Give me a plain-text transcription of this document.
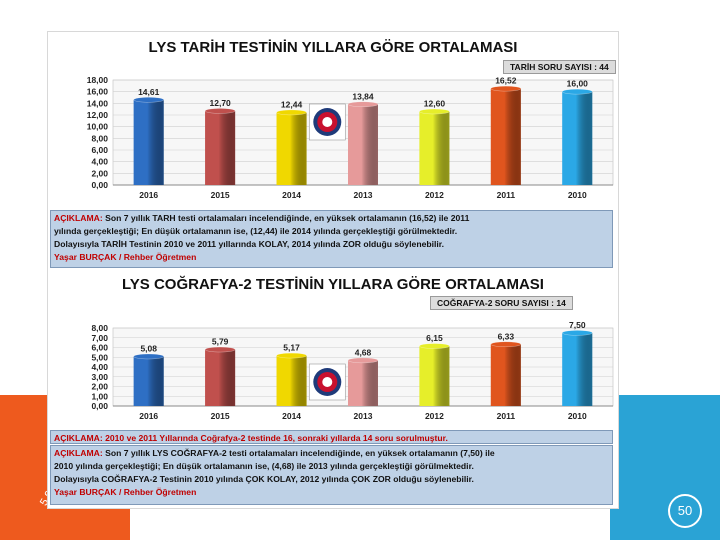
50
LYS TARİH TESTİNİN YILLARA GÖRE ORTALAMASI
TARİH SORU SAYISI : 44
0,00
2,00
4,00
6,00
8,00
10,00
12,00
14,00
16,00
18,00
14,61
2016
12,70
2015
12,44
2014
13,84
2013
12,60
2012
16,52
2011
16,00
2010
AÇIKLAMA: Son 7 yıllık TARH testi ortalamaları incelendiğinde, en yüksek ortalamanın (16,52) ile 2011
yılında gerçekleştiği; En düşük ortalamanın ise, (12,44) ile 2014 yılında gerçekleştiği görülmektedir.
Dolayısıyla TARİH Testinin 2010 ve 2011 yıllarında KOLAY, 2014 yılında ZOR olduğu söylenebilir.
Yaşar BURÇAK / Rehber Öğretmen
LYS COĞRAFYA-2 TESTİNİN YILLARA GÖRE ORTALAMASI
COĞRAFYA-2 SORU SAYISI : 14
0,00
1,00
2,00
3,00
4,00
5,00
6,00
7,00
8,00
5,08
2016
5,79
2015
5,17
2014
4,68
2013
6,15
2012
6,33
2011
7,50
2010
AÇIKLAMA: 2010 ve 2011 Yıllarında Coğrafya-2 testinde 16, sonraki yıllarda 14 soru sorulmuştur.
AÇIKLAMA: Son 7 yıllık LYS COĞRAFYA-2 testi ortalamaları incelendiğinde, en yüksek ortalamanın (7,50) ile
2010 yılında gerçekleştiği; En düşük ortalamanın ise, (4,68) ile 2013 yılında gerçekleştiği görülmektedir.
Dolayısıyla COĞRAFYA-2 Testinin 2010 yılında ÇOK KOLAY, 2012 yılında ÇOK ZOR olduğu söylenebilir.
Yaşar BURÇAK / Rehber Öğretmen
